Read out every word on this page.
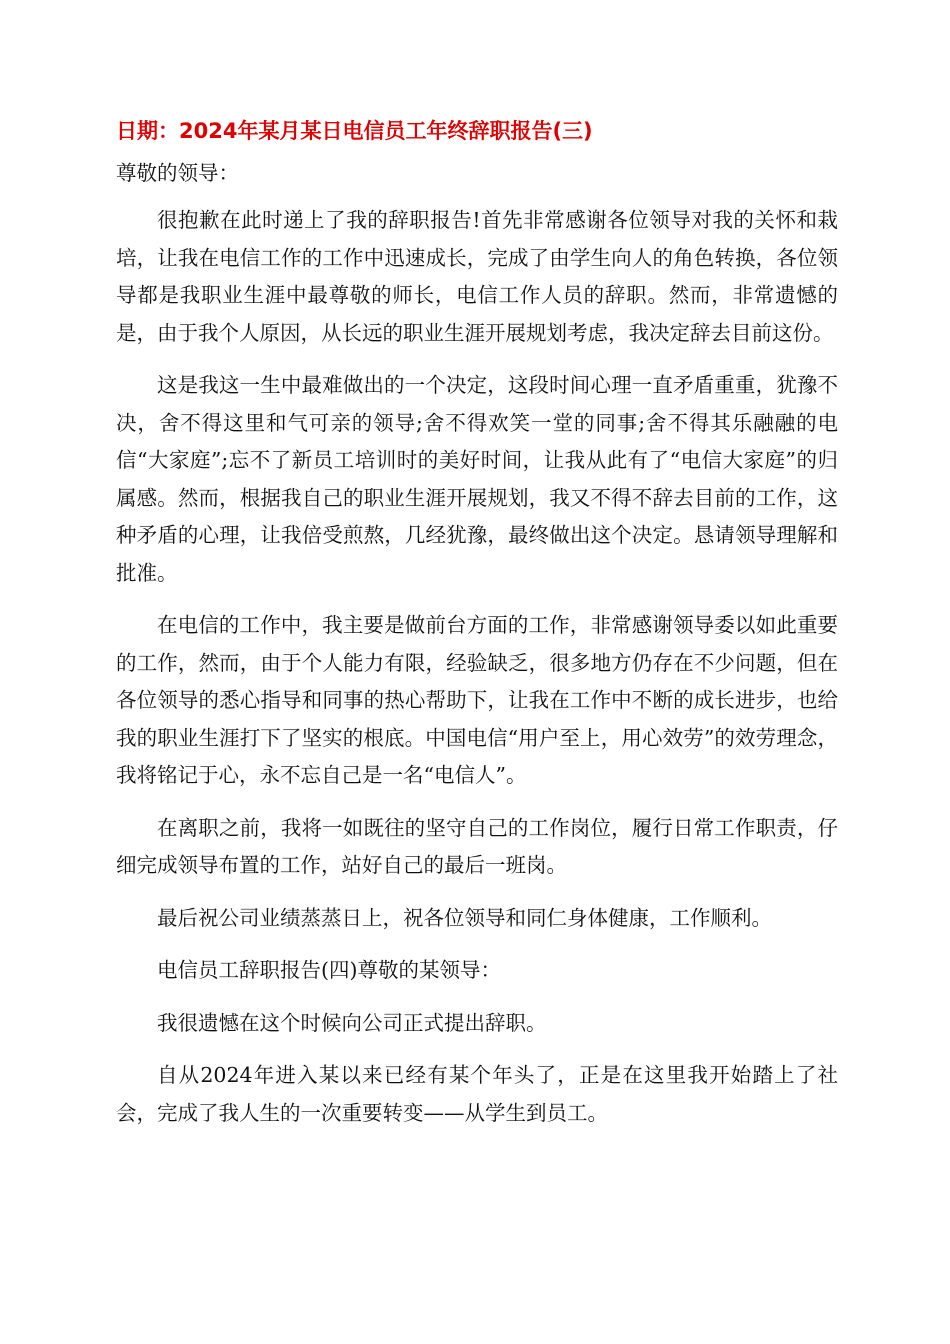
日期：2024年某月某日电信员工年终辞职报告(三)
尊敬的领导：

很抱歉在此时递上了我的辞职报告!首先非常感谢各位领导对我的关怀和栽培，让我在电信工作的工作中迅速成长，完成了由学生向人的角色转换，各位领导都是我职业生涯中最尊敬的师长，电信工作人员的辞职。然而，非常遗憾的是，由于我个人原因，从长远的职业生涯开展规划考虑，我决定辞去目前这份。

这是我这一生中最难做出的一个决定，这段时间心理一直矛盾重重，犹豫不决，舍不得这里和气可亲的领导;舍不得欢笑一堂的同事;舍不得其乐融融的电信“大家庭”;忘不了新员工培训时的美好时间，让我从此有了“电信大家庭”的归属感。然而，根据我自己的职业生涯开展规划，我又不得不辞去目前的工作，这种矛盾的心理，让我倍受煎熬，几经犹豫，最终做出这个决定。恳请领导理解和批准。

在电信的工作中，我主要是做前台方面的工作，非常感谢领导委以如此重要的工作，然而，由于个人能力有限，经验缺乏，很多地方仍存在不少问题，但在各位领导的悉心指导和同事的热心帮助下，让我在工作中不断的成长进步，也给我的职业生涯打下了坚实的根底。中国电信“用户至上，用心效劳”的效劳理念，我将铭记于心，永不忘自己是一名“电信人”。

在离职之前，我将一如既往的坚守自己的工作岗位，履行日常工作职责，仔细完成领导布置的工作，站好自己的最后一班岗。

最后祝公司业绩蒸蒸日上，祝各位领导和同仁身体健康，工作顺利。

电信员工辞职报告(四)尊敬的某领导：

我很遗憾在这个时候向公司正式提出辞职。

自从2024年进入某以来已经有某个年头了，正是在这里我开始踏上了社会，完成了我人生的一次重要转变——从学生到员工。
